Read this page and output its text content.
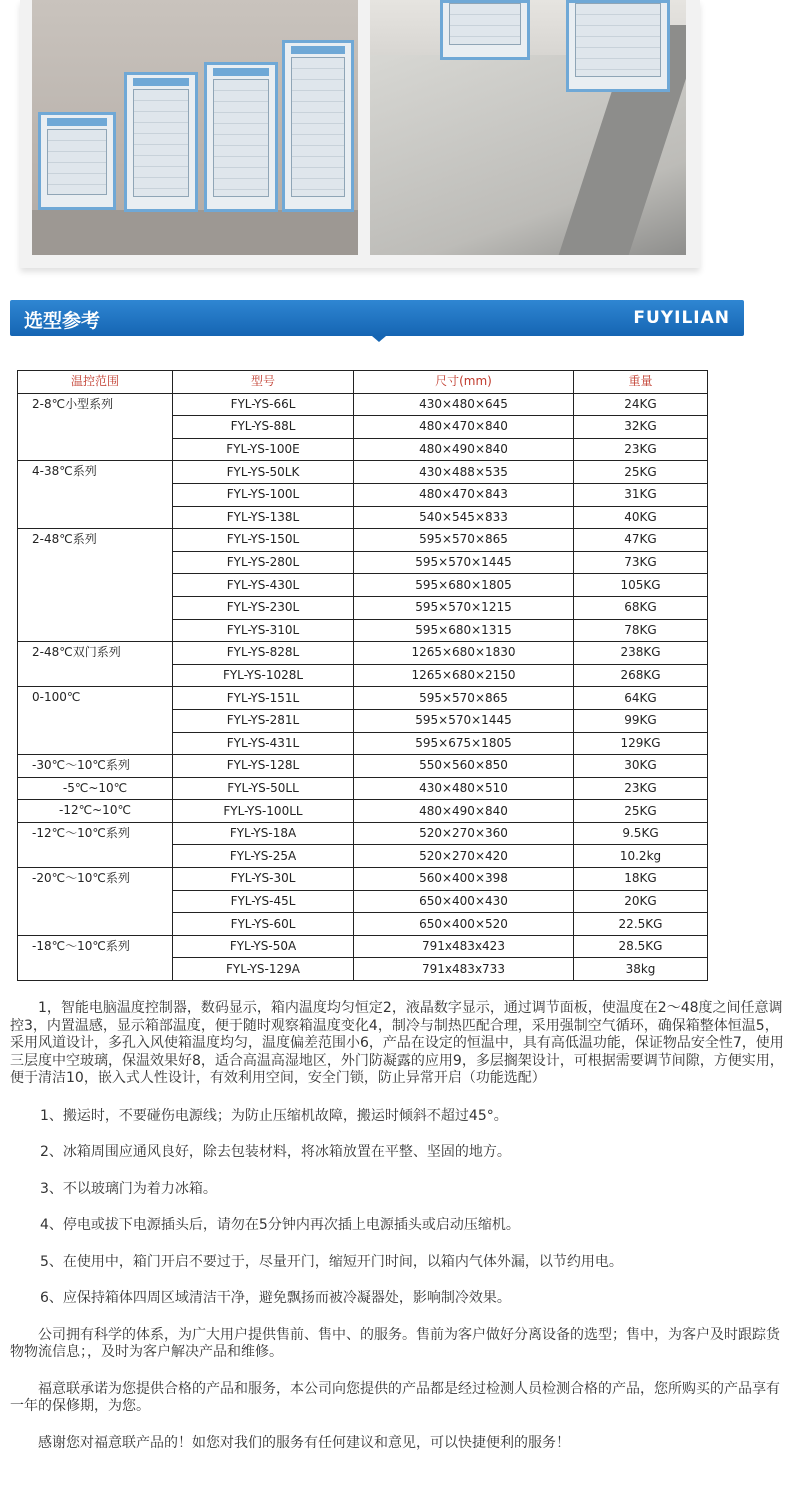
选型参考	FUYILIAN
温控范围	型号	尺寸(mm)	重量
2-8℃小型系列	FYL-YS-66L	430×480×645	24KG
	FYL-YS-88L	480×470×840	32KG
	FYL-YS-100E	480×490×840	23KG
4-38℃系列	FYL-YS-50LK	430×488×535	25KG
	FYL-YS-100L	480×470×843	31KG
	FYL-YS-138L	540×545×833	40KG
2-48℃系列	FYL-YS-150L	595×570×865	47KG
	FYL-YS-280L	595×570×1445	73KG
	FYL-YS-430L	595×680×1805	105KG
	FYL-YS-230L	595×570×1215	68KG
	FYL-YS-310L	595×680×1315	78KG
2-48℃双门系列	FYL-YS-828L	1265×680×1830	238KG
	FYL-YS-1028L	1265×680×2150	268KG
0-100℃	FYL-YS-151L	595×570×865	64KG
	FYL-YS-281L	595×570×1445	99KG
	FYL-YS-431L	595×675×1805	129KG
-30℃～10℃系列	FYL-YS-128L	550×560×850	30KG
-5℃~10℃	FYL-YS-50LL	430×480×510	23KG
-12℃~10℃	FYL-YS-100LL	480×490×840	25KG
-12℃～10℃系列	FYL-YS-18A	520×270×360	9.5KG
	FYL-YS-25A	520×270×420	10.2kg
-20℃～10℃系列	FYL-YS-30L	560×400×398	18KG
	FYL-YS-45L	650×400×430	20KG
	FYL-YS-60L	650×400×520	22.5KG
-18℃～10℃系列	FYL-YS-50A	791x483x423	28.5KG
	FYL-YS-129A	791x483x733	38kg

1，智能电脑温度控制器，数码显示，箱内温度均匀恒定2，液晶数字显示，通过调节面板，使温度在2～48度之间任意调控3，内置温感，显示箱部温度，便于随时观察箱温度变化4，制冷与制热匹配合理，采用强制空气循环，确保箱整体恒温5，采用风道设计，多孔入风使箱温度均匀，温度偏差范围小6，产品在设定的恒温中，具有高低温功能，保证物品安全性7，使用三层度中空玻璃，保温效果好8，适合高温高湿地区，外门防凝露的应用9，多层搁架设计，可根据需要调节间隙，方便实用，便于清洁10，嵌入式人性设计，有效利用空间，安全门锁，防止异常开启（功能选配）

1、搬运时，不要碰伤电源线；为防止压缩机故障，搬运时倾斜不超过45°。

2、冰箱周围应通风良好，除去包装材料，将冰箱放置在平整、坚固的地方。

3、不以玻璃门为着力冰箱。

4、停电或拔下电源插头后，请勿在5分钟内再次插上电源插头或启动压缩机。

5、在使用中，箱门开启不要过于，尽量开门，缩短开门时间，以箱内气体外漏，以节约用电。

6、应保持箱体四周区域清洁干净，避免飘扬而被冷凝器处，影响制冷效果。

公司拥有科学的体系，为广大用户提供售前、售中、的服务。售前为客户做好分离设备的选型；售中，为客户及时跟踪货物物流信息；，及时为客户解决产品和维修。

福意联承诺为您提供合格的产品和服务，本公司向您提供的产品都是经过检测人员检测合格的产品，您所购买的产品享有一年的保修期，为您。

感谢您对福意联产品的！如您对我们的服务有任何建议和意见，可以快捷便利的服务！
